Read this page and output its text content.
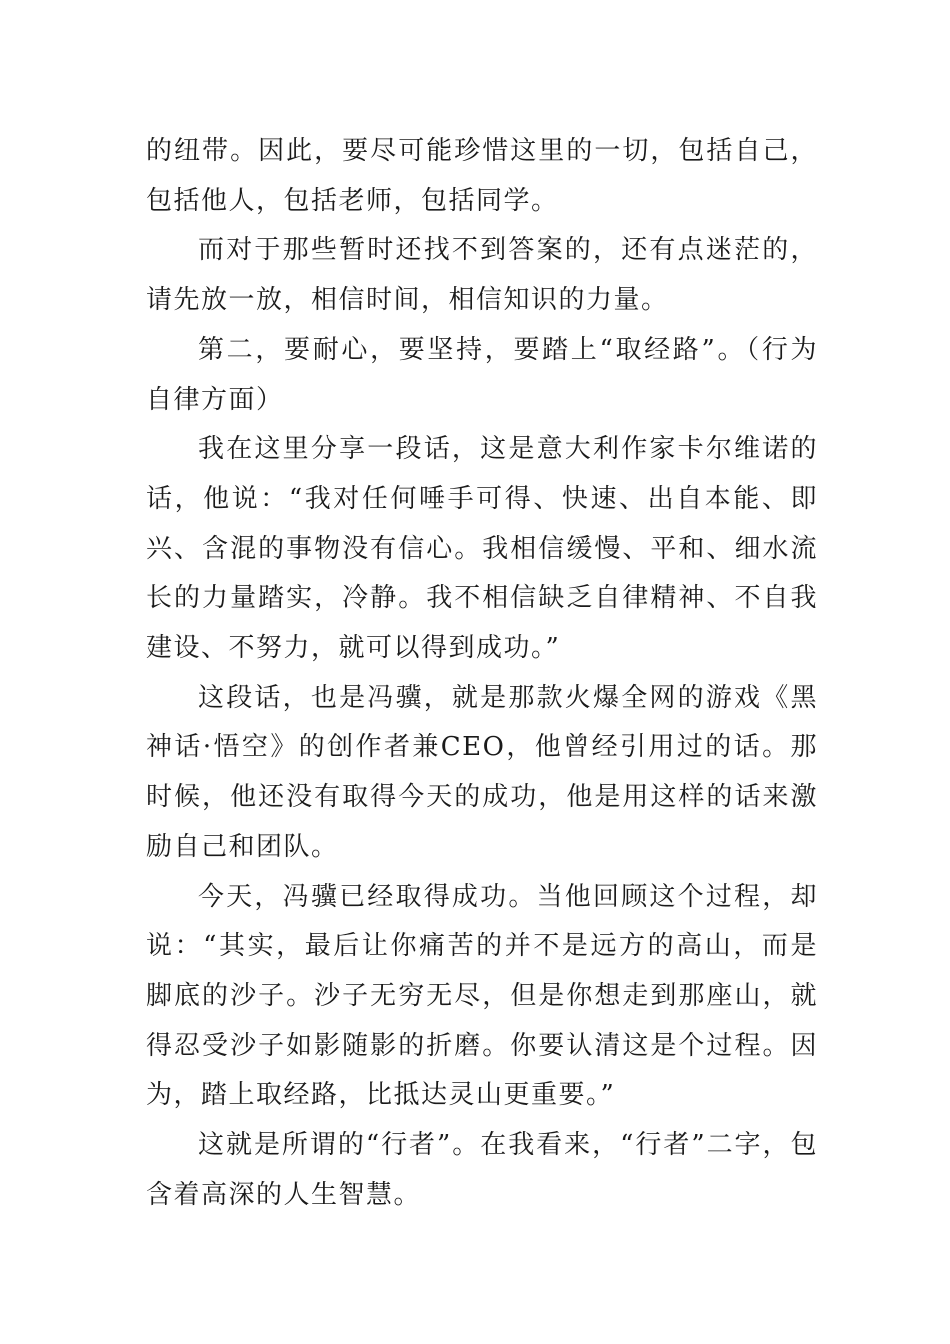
的纽带。因此，要尽可能珍惜这里的一切，包括自己，包括他人，包括老师，包括同学。

而对于那些暂时还找不到答案的，还有点迷茫的，请先放一放，相信时间，相信知识的力量。

第二，要耐心，要坚持，要踏上“取经路”。（行为自律方面）

我在这里分享一段话，这是意大利作家卡尔维诺的话，他说：“我对任何唾手可得、快速、出自本能、即兴、含混的事物没有信心。我相信缓慢、平和、细水流长的力量踏实，冷静。我不相信缺乏自律精神、不自我建设、不努力，就可以得到成功。”

这段话，也是冯骥，就是那款火爆全网的游戏《黑神话·悟空》的创作者兼CEO，他曾经引用过的话。那时候，他还没有取得今天的成功，他是用这样的话来激励自己和团队。

今天，冯骥已经取得成功。当他回顾这个过程，却说：“其实，最后让你痛苦的并不是远方的高山，而是脚底的沙子。沙子无穷无尽，但是你想走到那座山，就得忍受沙子如影随影的折磨。你要认清这是个过程。因为，踏上取经路，比抵达灵山更重要。”

这就是所谓的“行者”。在我看来，“行者”二字，包含着高深的人生智慧。
